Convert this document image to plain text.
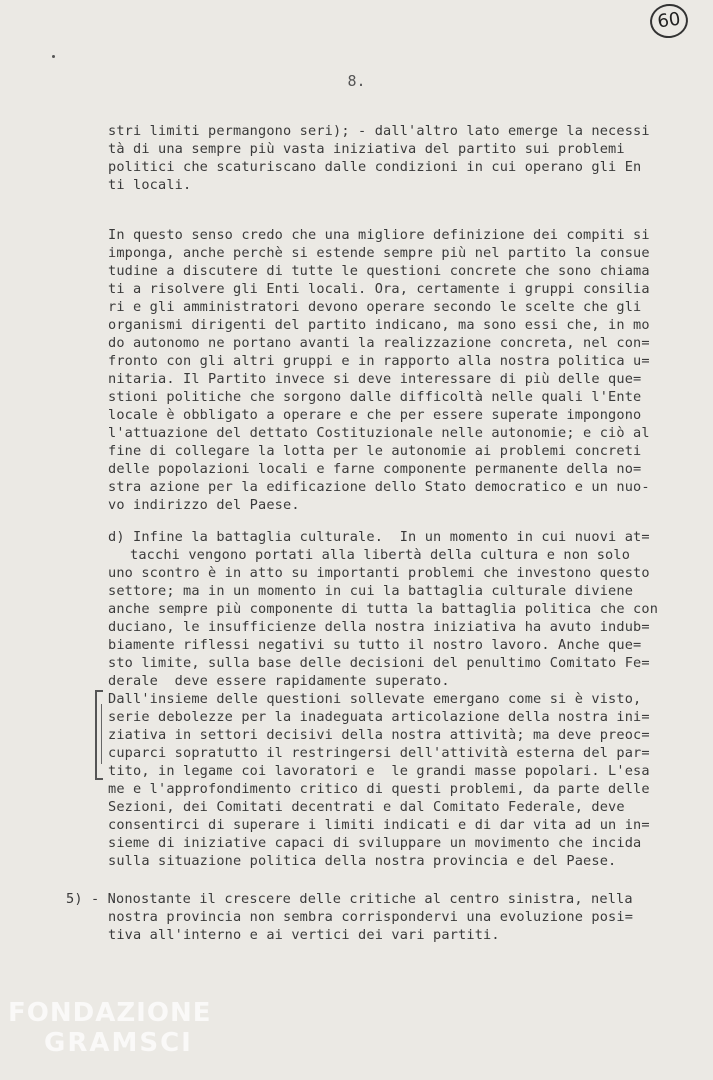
60
8.
stri limiti permangono seri); - dall'altro lato emerge la necessi
tà di una sempre più vasta iniziativa del partito sui problemi
politici che scaturiscano dalle condizioni in cui operano gli En
ti locali.
In questo senso credo che una migliore definizione dei compiti si
imponga, anche perchè si estende sempre più nel partito la consue
tudine a discutere di tutte le questioni concrete che sono chiama
ti a risolvere gli Enti locali. Ora, certamente i gruppi consilia
ri e gli amministratori devono operare secondo le scelte che gli
organismi dirigenti del partito indicano, ma sono essi che, in mo
do autonomo ne portano avanti la realizzazione concreta, nel con=
fronto con gli altri gruppi e in rapporto alla nostra politica u=
nitaria. Il Partito invece si deve interessare di più delle que=
stioni politiche che sorgono dalle difficoltà nelle quali l'Ente
locale è obbligato a operare e che per essere superate impongono
l'attuazione del dettato Costituzionale nelle autonomie; e ciò al
fine di collegare la lotta per le autonomie ai problemi concreti
delle popolazioni locali e farne componente permanente della no=
stra azione per la edificazione dello Stato democratico e un nuo-
vo indirizzo del Paese.
d) Infine la battaglia culturale.  In un momento in cui nuovi at=
tacchi vengono portati alla libertà della cultura e non solo
uno scontro è in atto su importanti problemi che investono questo
settore; ma in un momento in cui la battaglia culturale diviene
anche sempre più componente di tutta la battaglia politica che con
duciano, le insufficienze della nostra iniziativa ha avuto indub=
biamente riflessi negativi su tutto il nostro lavoro. Anche que=
sto limite, sulla base delle decisioni del penultimo Comitato Fe=
derale  deve essere rapidamente superato.
Dall'insieme delle questioni sollevate emergano come si è visto,
serie debolezze per la inadeguata articolazione della nostra ini=
ziativa in settori decisivi della nostra attività; ma deve preoc=
cuparci sopratutto il restringersi dell'attività esterna del par=
tito, in legame coi lavoratori e  le grandi masse popolari. L'esa
me e l'approfondimento critico di questi problemi, da parte delle
Sezioni, dei Comitati decentrati e dal Comitato Federale, deve
consentirci di superare i limiti indicati e di dar vita ad un in=
sieme di iniziative capaci di sviluppare un movimento che incida
sulla situazione politica della nostra provincia e del Paese.
5) - Nonostante il crescere delle critiche al centro sinistra, nella
nostra provincia non sembra corrispondervi una evoluzione posi=
tiva all'interno e ai vertici dei vari partiti.
FONDAZIONE
GRAMSCI
